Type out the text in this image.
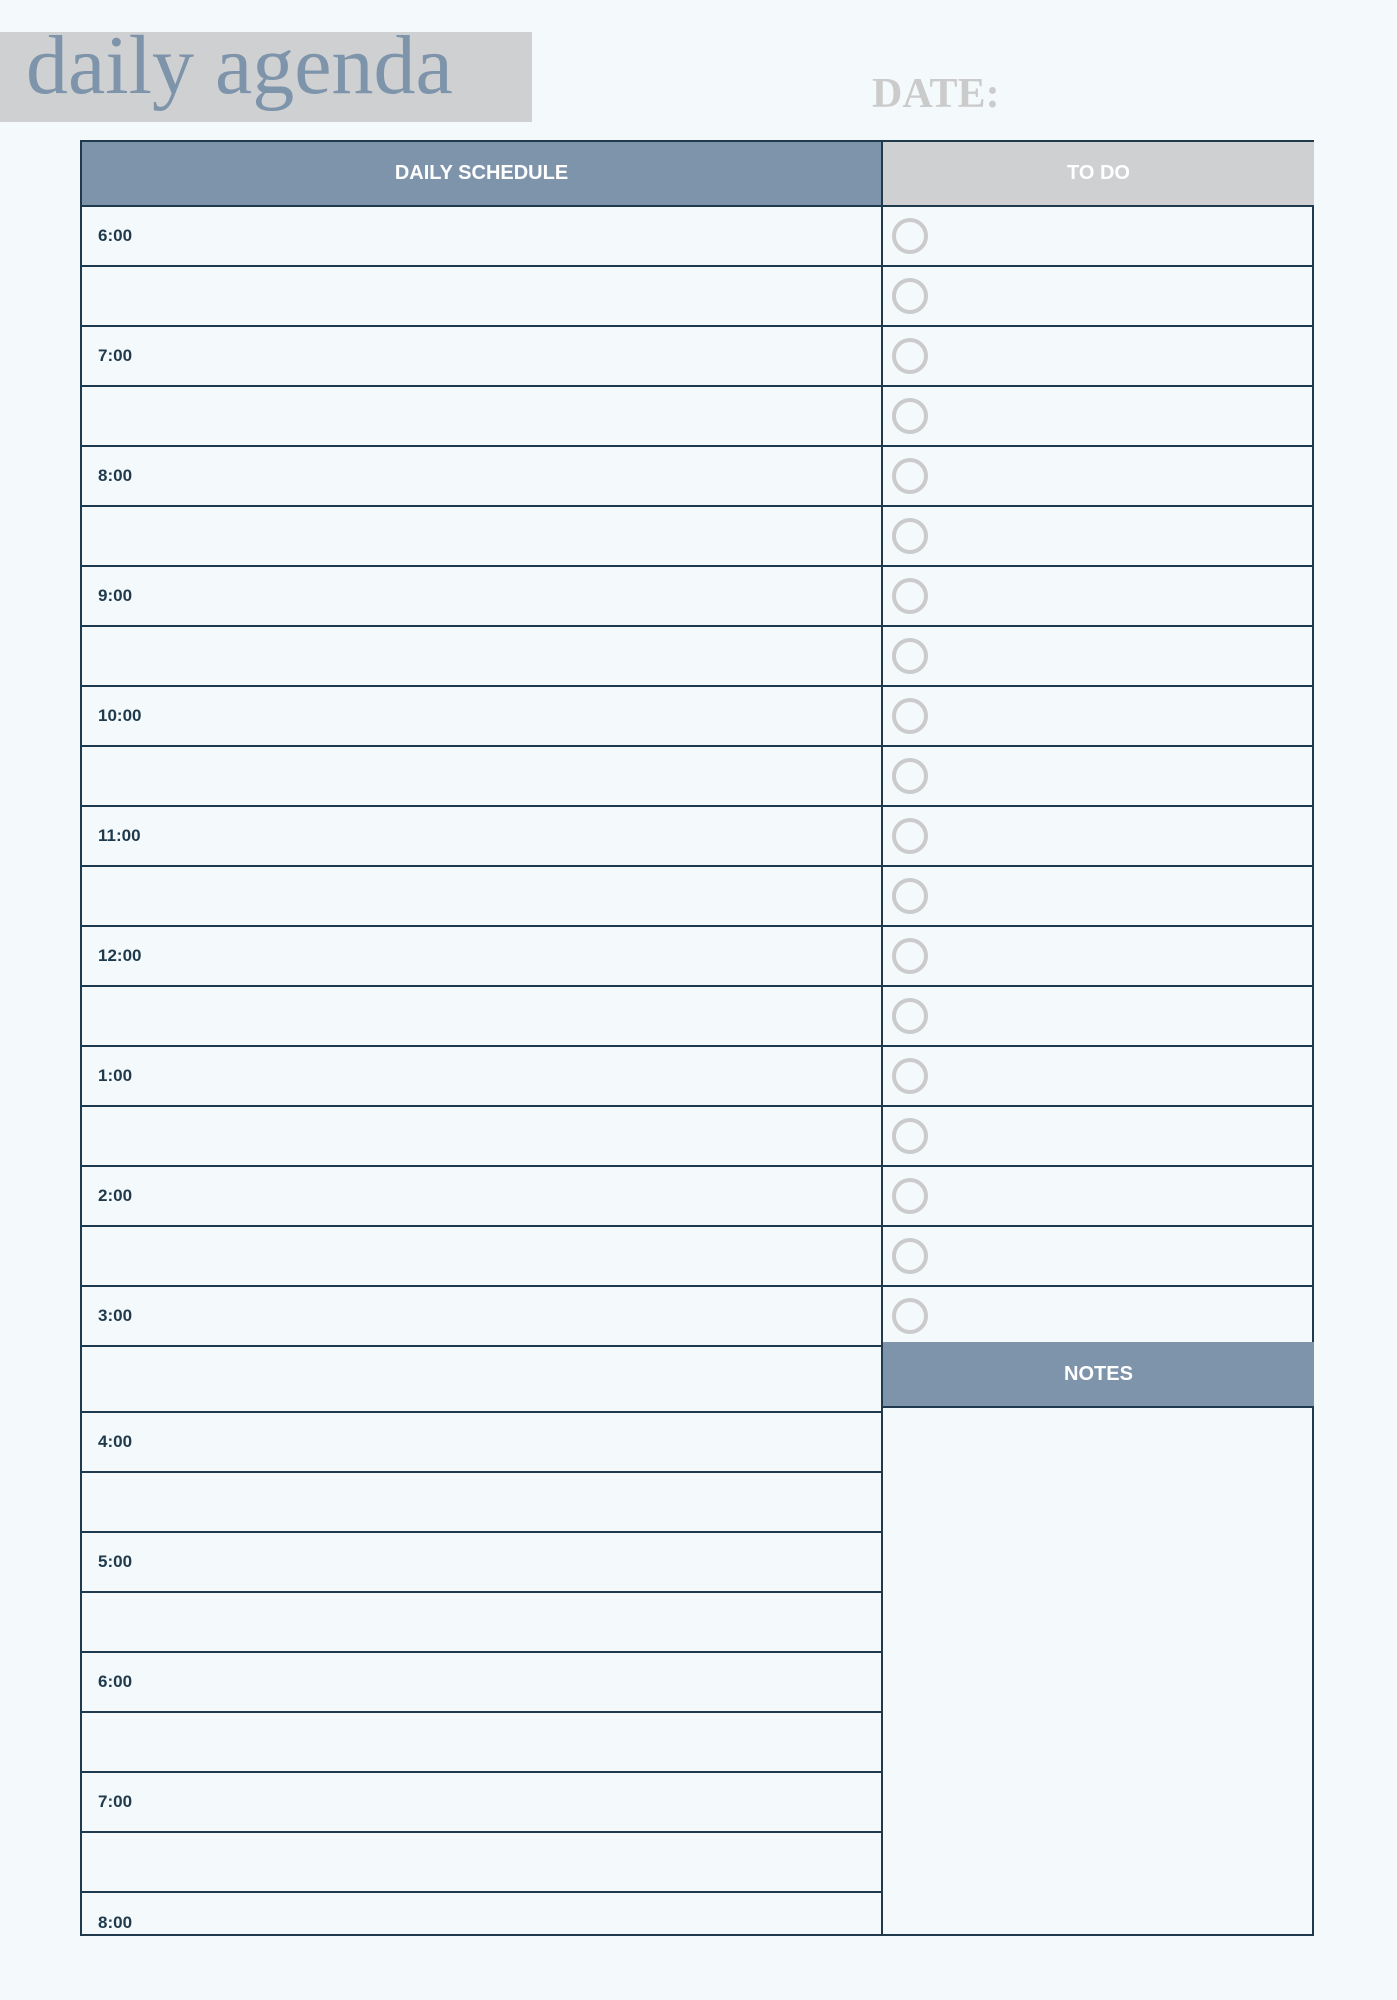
daily agenda	DATE:
DAILY SCHEDULE
6:00
7:00
8:00
9:00
10:00
11:00
12:00
1:00
2:00
3:00
4:00
5:00
6:00
7:00
8:00
TO DO
NOTES
